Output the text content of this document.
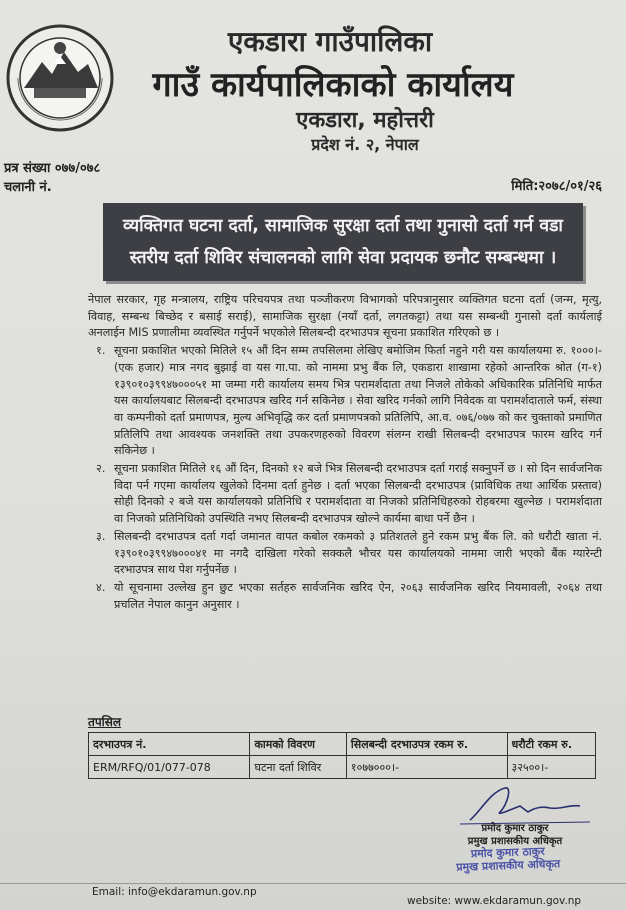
एकडारा गाउँपालिका
गाउँ कार्यपालिकाको कार्यालय
एकडारा, महोत्तरी
प्रदेश नं. २, नेपाल
प्रत्र संख्या ०७७/०७८
चलानी नं.	मिति:२०७८/०१/२६
व्यक्तिगत घटना दर्ता, सामाजिक सुरक्षा दर्ता तथा गुनासो दर्ता गर्न वडा
स्तरीय दर्ता शिविर संचालनको लागि सेवा प्रदायक छनौट सम्बन्धमा ।

नेपाल सरकार, गृह मन्त्रालय, राष्ट्रिय परिचयपत्र तथा पञ्जीकरण विभागको परिपत्रानुसार व्यक्तिगत घटना दर्ता (जन्म, मृत्यु, विवाह, सम्बन्ध बिच्छेद र बसाई सराई), सामाजिक सुरक्षा (नयाँ दर्ता, लगतकट्टा) तथा यस सम्बन्धी गुनासो दर्ता कार्यलाई अनलाईन MIS प्रणालीमा व्यवस्थित गर्नुपर्ने भएकोले सिलबन्दी दरभाउपत्र सूचना प्रकाशित गरिएको छ ।

१. सूचना प्रकाशित भएको मितिले १५ औं दिन सम्म तपसिलमा लेखिए बमोजिम फिर्ता नहुने गरी यस कार्यालयमा रु. १०००।- (एक हजार) मात्र नगद बुझाई वा यस गा.पा. को नाममा प्रभु बैंक लि, एकडारा शाखामा रहेको आन्तरिक श्रोत (ग-१) १३९०१०३९९४७०००५१ मा जम्मा गरी कार्यालय समय भित्र परामर्शदाता तथा निजले तोकेको अधिकारिक प्रतिनिधि मार्फत यस कार्यालयबाट सिलबन्दी दरभाउपत्र खरिद गर्न सकिनेछ । सेवा खरिद गर्नको लागि निवेदक वा परामर्शदाताले फर्म, संस्था वा कम्पनीको दर्ता प्रमाणपत्र, मुल्य अभिवृद्धि कर दर्ता प्रमाणपत्रको प्रतिलिपि, आ.व. ०७६/०७७ को कर चुक्ताको प्रमाणित प्रतिलिपि तथा आवश्यक जनशक्ति तथा उपकरणहरुको विवरण संलग्न राखी सिलबन्दी दरभाउपत्र फारम खरिद गर्न सकिनेछ ।
२. सूचना प्रकाशित मितिले १६ औं दिन, दिनको १२ बजे भित्र सिलबन्दी दरभाउपत्र दर्ता गराई सक्नुपर्ने छ । सो दिन सार्वजनिक विदा पर्न गएमा कार्यालय खुलेको दिनमा दर्ता हुनेछ । दर्ता भएका सिलबन्दी दरभाउपत्र (प्राविधिक तथा आर्थिक प्रस्ताव) सोही दिनको २ बजे यस कार्यालयको प्रतिनिधि र परामर्शदाता वा निजको प्रतिनिधिहरुको रोहबरमा खुल्नेछ । परामर्शदाता वा निजको प्रतिनिधिको उपस्थिति नभए सिलबन्दी दरभाउपत्र खोल्ने कार्यमा बाधा पर्ने छैन ।
३. सिलबन्दी दरभाउपत्र दर्ता गर्दा जमानत वापत कबोल रकमको ३ प्रतिशतले हुने रकम प्रभु बैंक लि. को धरौटी खाता नं. १३९०१०३९९४७०००४१ मा नगदै दाखिला गरेको सक्कलै भौचर यस कार्यालयको नाममा जारी भएको बैंक ग्यारेन्टी दरभाउपत्र साथ पेश गर्नुपर्नेछ ।
४. यो सूचनामा उल्लेख हुन छुट भएका सर्तहरु सार्वजनिक खरिद ऐन, २०६३ सार्वजनिक खरिद नियमावली, २०६४ तथा प्रचलित नेपाल कानुन अनुसार ।
तपसिल
दरभाउपत्र नं.	कामको विवरण	सिलबन्दी दरभाउपत्र रकम रु.	धरौटी रकम रु.
ERM/RFQ/01/077-078	घटना दर्ता शिविर	१०७७०००।-	३२५००।-
प्रमोद कुमार ठाकुर
प्रमुख प्रशासकीय अधिकृत
प्रमोद कुमार ठाकुर
प्रमुख प्रशासकीय अधिकृत
Email: info@ekdaramun.gov.np
website: www.ekdaramun.gov.np
